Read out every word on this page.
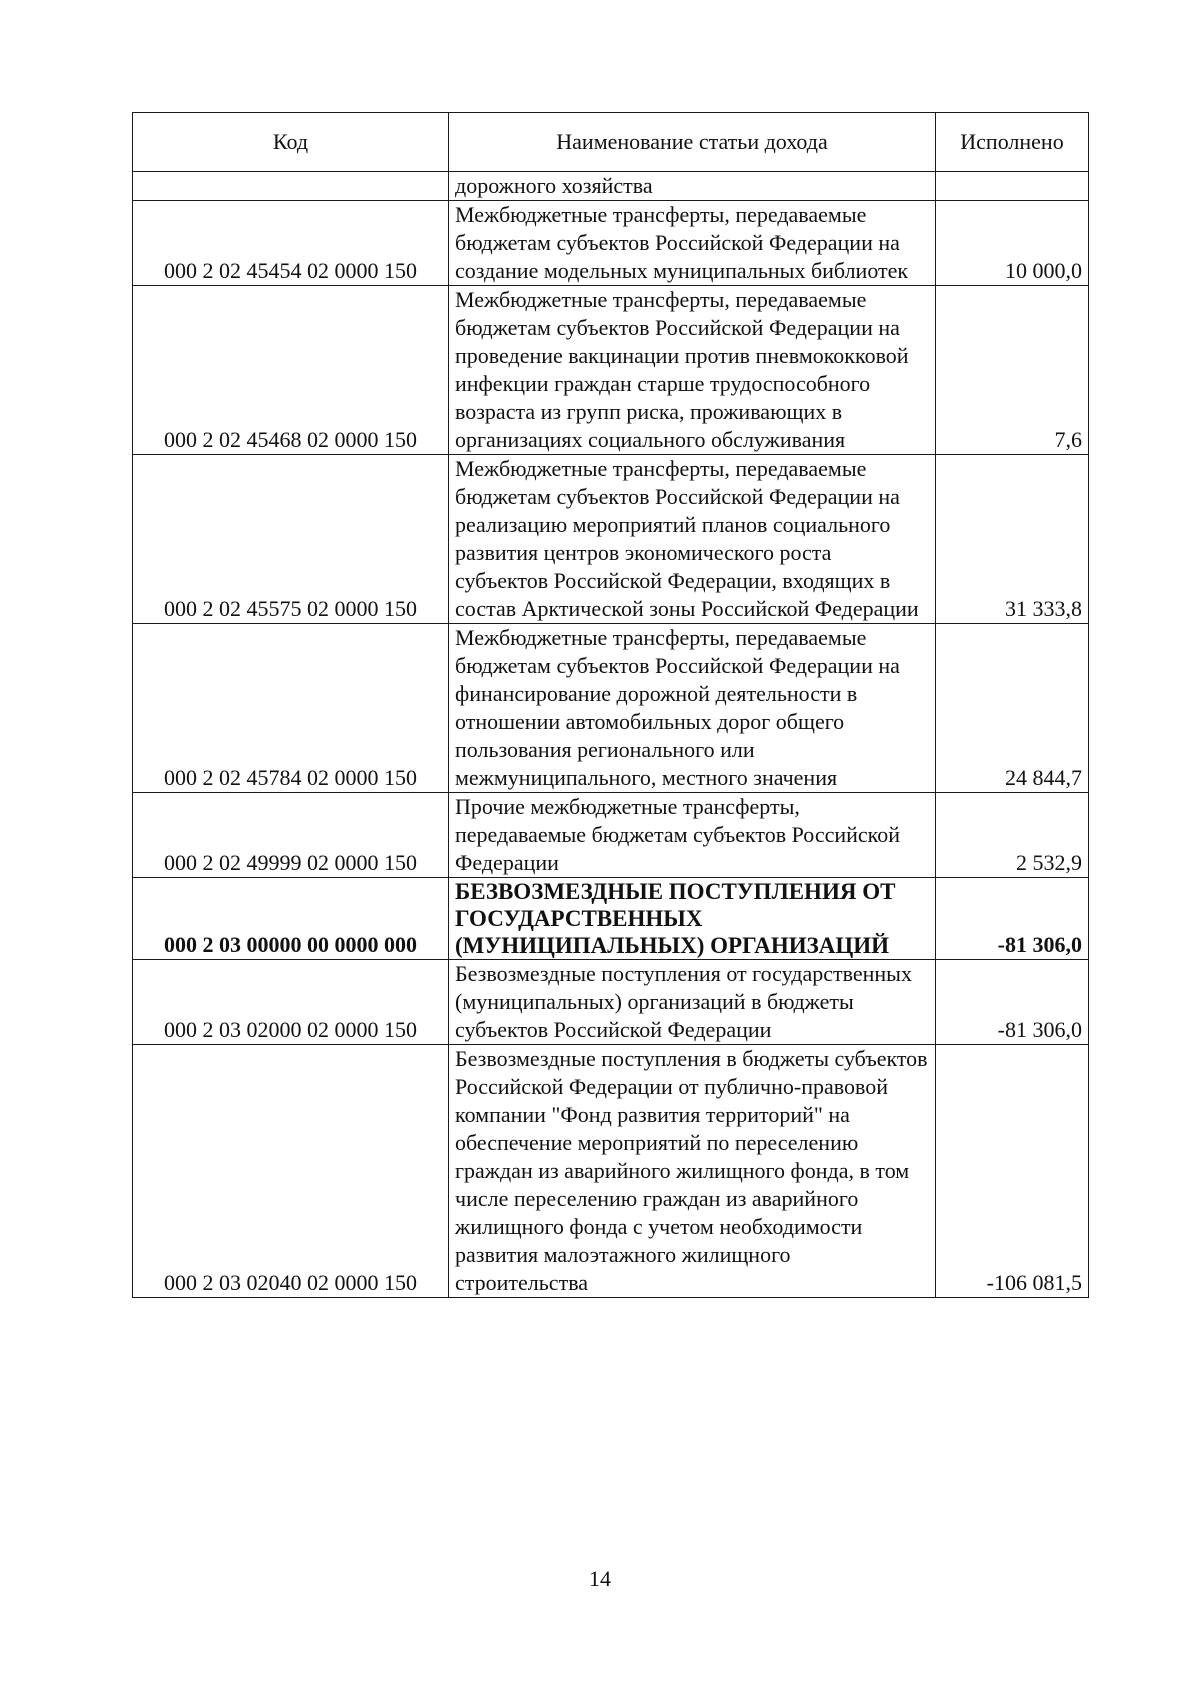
Код	Наименование статьи дохода	Исполнено
	дорожного хозяйства	
000 2 02 45454 02 0000 150	Межбюджетные трансферты, передаваемые бюджетам субъектов Российской Федерации на создание модельных муниципальных библиотек	10 000,0
000 2 02 45468 02 0000 150	Межбюджетные трансферты, передаваемые бюджетам субъектов Российской Федерации на проведение вакцинации против пневмококковой инфекции граждан старше трудоспособного возраста из групп риска, проживающих в организациях социального обслуживания	7,6
000 2 02 45575 02 0000 150	Межбюджетные трансферты, передаваемые бюджетам субъектов Российской Федерации на реализацию мероприятий планов социального развития центров экономического роста субъектов Российской Федерации, входящих в состав Арктической зоны Российской Федерации	31 333,8
000 2 02 45784 02 0000 150	Межбюджетные трансферты, передаваемые бюджетам субъектов Российской Федерации на финансирование дорожной деятельности в отношении автомобильных дорог общего пользования регионального или межмуниципального, местного значения	24 844,7
000 2 02 49999 02 0000 150	Прочие межбюджетные трансферты, передаваемые бюджетам субъектов Российской Федерации	2 532,9
000 2 03 00000 00 0000 000	БЕЗВОЗМЕЗДНЫЕ ПОСТУПЛЕНИЯ ОТ ГОСУДАРСТВЕННЫХ (МУНИЦИПАЛЬНЫХ) ОРГАНИЗАЦИЙ	-81 306,0
000 2 03 02000 02 0000 150	Безвозмездные поступления от государственных (муниципальных) организаций в бюджеты субъектов Российской Федерации	-81 306,0
000 2 03 02040 02 0000 150	Безвозмездные поступления в бюджеты субъектов Российской Федерации от публично-правовой компании "Фонд развития территорий" на обеспечение мероприятий по переселению граждан из аварийного жилищного фонда, в том числе переселению граждан из аварийного жилищного фонда с учетом необходимости развития малоэтажного жилищного строительства	-106 081,5
14
